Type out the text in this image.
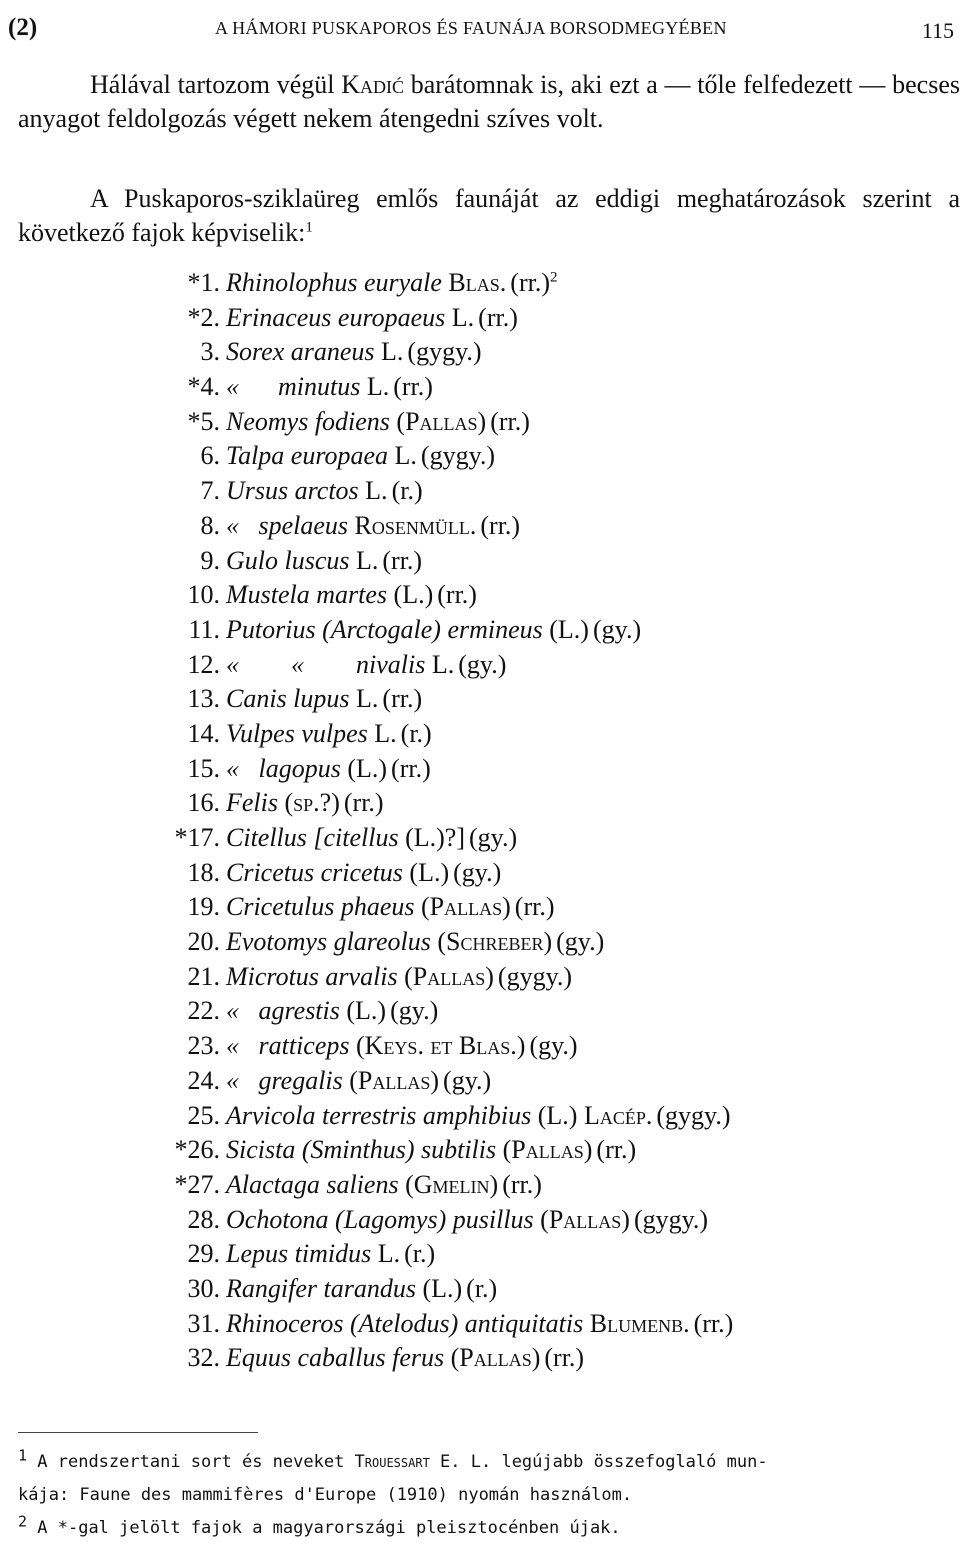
(2)	A HÁMORI PUSKAPOROS ÉS FAUNÁJA BORSODMEGYÉBEN	115
Hálával tartozom végül Kadić barátomnak is, aki ezt a — tőle felfedezett — becses anyagot feldolgozás végett nekem átengedni szíves volt.
A Puskaporos-sziklaüreg emlős faunáját az eddigi meghatározások szerint a következő fajok képviselik:$^1$
*1. Rhinolophus euryale Blas. $(rr.)^2$
*2. Erinaceus europaeus L. (rr.)
3. Sorex araneus L. (gygy.)
*4. «      minutus L. (rr.)
*5. Neomys fodiens (Pallas) (rr.)
6. Talpa europaea L. (gygy.)
7. Ursus arctos L. (r.)
8. «   spelaeus Rosenmüll. (rr.)
9. Gulo luscus L. (rr.)
10. Mustela martes (L.) (rr.)
11. Putorius (Arctogale) ermineus (L.) (gy.)
12. «        «        nivalis L. (gy.)
13. Canis lupus L. (rr.)
14. Vulpes vulpes L. (r.)
15. «   lagopus (L.) (rr.)
16. Felis (sp.?) (rr.)
*17. Citellus [citellus (L.)?] (gy.)
18. Cricetus cricetus (L.) (gy.)
19. Cricetulus phaeus (Pallas) (rr.)
20. Evotomys glareolus (Schreber) (gy.)
21. Microtus arvalis (Pallas) (gygy.)
22. «   agrestis (L.) (gy.)
23. «   ratticeps (Keys. et Blas.) (gy.)
24. «   gregalis (Pallas) (gy.)
25. Arvicola terrestris amphibius (L.) Lacép. (gygy.)
*26. Sicista (Sminthus) subtilis (Pallas) (rr.)
*27. Alactaga saliens (Gmelin) (rr.)
28. Ochotona (Lagomys) pusillus (Pallas) (gygy.)
29. Lepus timidus L. (r.)
30. Rangifer tarandus (L.) (r.)
31. Rhinoceros (Atelodus) antiquitatis Blumenb. (rr.)
32. Equus caballus ferus (Pallas) (rr.)
$^1$ A rendszertani sort és neveket Trouessart E. L. legújabb összefoglaló mun-
kája: Faune des mammifères d'Europe (1910) nyomán használom.
$^2$ A *-gal jelölt fajok a magyarországi pleisztocénben újak.
